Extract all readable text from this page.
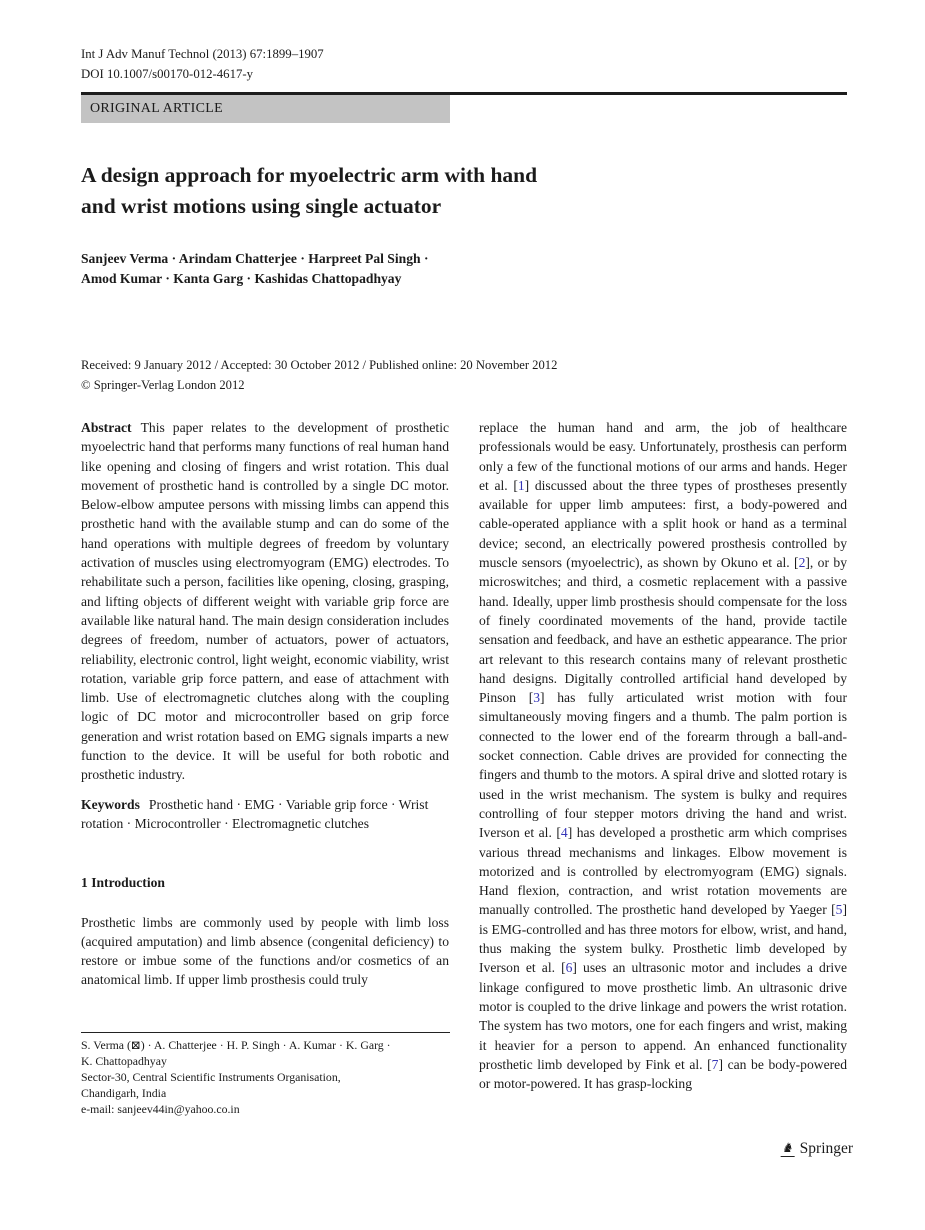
Int J Adv Manuf Technol (2013) 67:1899–1907
DOI 10.1007/s00170-012-4617-y
ORIGINAL ARTICLE
A design approach for myoelectric arm with hand
and wrist motions using single actuator
Sanjeev Verma · Arindam Chatterjee · Harpreet Pal Singh ·
Amod Kumar · Kanta Garg · Kashidas Chattopadhyay
Received: 9 January 2012 / Accepted: 30 October 2012 / Published online: 20 November 2012
© Springer-Verlag London 2012

Abstract This paper relates to the development of prosthetic myoelectric hand that performs many functions of real human hand like opening and closing of fingers and wrist rotation. This dual movement of prosthetic hand is controlled by a single DC motor. Below-elbow amputee persons with missing limbs can append this prosthetic hand with the available stump and can do some of the hand operations with multiple degrees of freedom by voluntary activation of muscles using electromyogram (EMG) electrodes. To rehabilitate such a person, facilities like opening, closing, grasping, and lifting objects of different weight with variable grip force are available like natural hand. The main design consideration includes degrees of freedom, number of actuators, power of actuators, reliability, electronic control, light weight, economic viability, wrist rotation, variable grip force pattern, and ease of attachment with limb. Use of electromagnetic clutches along with the coupling logic of DC motor and microcontroller based on grip force generation and wrist rotation based on EMG signals imparts a new function to the device. It will be useful for both robotic and prosthetic industry.

Keywords Prosthetic hand · EMG · Variable grip force · Wrist rotation · Microcontroller · Electromagnetic clutches

1 Introduction

Prosthetic limbs are commonly used by people with limb loss (acquired amputation) and limb absence (congenital deficiency) to restore or imbue some of the functions and/or cosmetics of an anatomical limb. If upper limb prosthesis could truly

replace the human hand and arm, the job of healthcare professionals would be easy. Unfortunately, prosthesis can perform only a few of the functional motions of our arms and hands. Heger et al. [1] discussed about the three types of prostheses presently available for upper limb amputees: first, a body-powered and cable-operated appliance with a split hook or hand as a terminal device; second, an electrically powered prosthesis controlled by muscle sensors (myoelectric), as shown by Okuno et al. [2], or by microswitches; and third, a cosmetic replacement with a passive hand. Ideally, upper limb prosthesis should compensate for the loss of finely coordinated movements of the hand, provide tactile sensation and feedback, and have an esthetic appearance. The prior art relevant to this research contains many of relevant prosthetic hand designs. Digitally controlled artificial hand developed by Pinson [3] has fully articulated wrist motion with four simultaneously moving fingers and a thumb. The palm portion is connected to the lower end of the forearm through a ball-and-socket connection. Cable drives are provided for connecting the fingers and thumb to the motors. A spiral drive and slotted rotary is used in the wrist mechanism. The system is bulky and requires controlling of four stepper motors driving the hand and wrist. Iverson et al. [4] has developed a prosthetic arm which comprises various thread mechanisms and linkages. Elbow movement is motorized and is controlled by electromyogram (EMG) signals. Hand flexion, contraction, and wrist rotation movements are manually controlled. The prosthetic hand developed by Yaeger [5] is EMG-controlled and has three motors for elbow, wrist, and hand, thus making the system bulky. Prosthetic limb developed by Iverson et al. [6] uses an ultrasonic motor and includes a drive linkage configured to move prosthetic limb. An ultrasonic drive motor is coupled to the drive linkage and powers the wrist rotation. The system has two motors, one for each fingers and wrist, making it heavier for a person to append. An enhanced functionality prosthetic limb developed by Fink et al. [7] can be body-powered or motor-powered. It has grasp-locking

S. Verma (⊠) · A. Chatterjee · H. P. Singh · A. Kumar · K. Garg ·
K. Chattopadhyay
Sector-30, Central Scientific Instruments Organisation,
Chandigarh, India
e-mail: sanjeev44in@yahoo.co.in
♞ Springer
